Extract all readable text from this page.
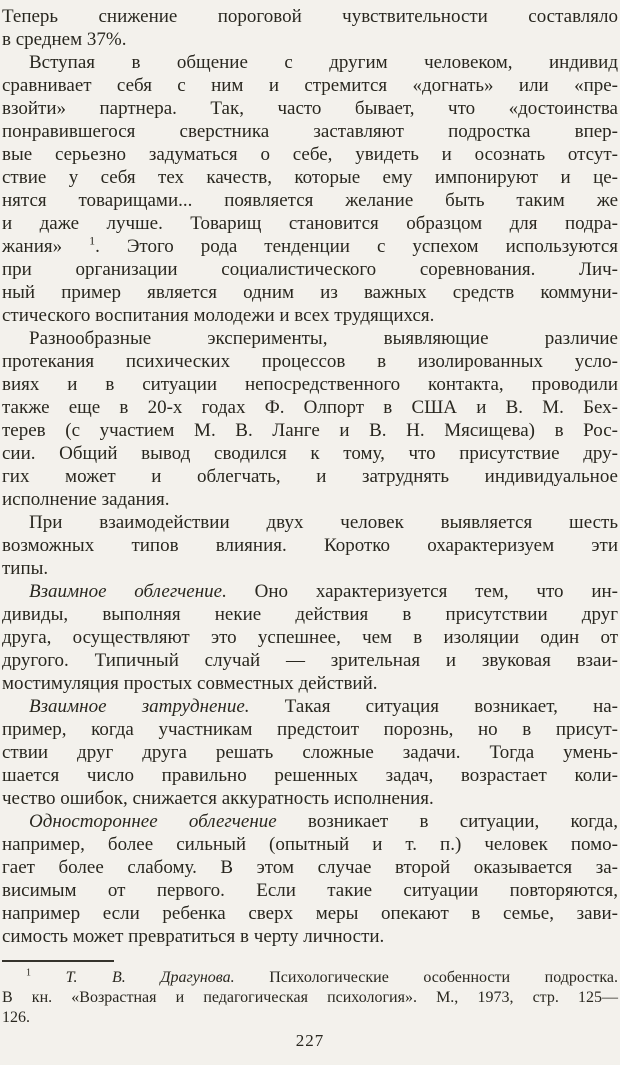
Теперь снижение пороговой чувствительности составляло
в среднем 37%.
Вступая в общение с другим человеком, индивид
сравнивает себя с ним и стремится «догнать» или «пре-
взойти» партнера. Так, часто бывает, что «достоинства
понравившегося сверстника заставляют подростка впер-
вые серьезно задуматься о себе, увидеть и осознать отсут-
ствие у себя тех качеств, которые ему импонируют и це-
нятся товарищами... появляется желание быть таким же
и даже лучше. Товарищ становится образцом для подра-
жания» $^1$. Этого рода тенденции с успехом используются
при организации социалистического соревнования. Лич-
ный пример является одним из важных средств коммуни-
стического воспитания молодежи и всех трудящихся.
Разнообразные эксперименты, выявляющие различие
протекания психических процессов в изолированных усло-
виях и в ситуации непосредственного контакта, проводили
также еще в 20-х годах Ф. Олпорт в США и В. М. Бех-
терев (с участием М. В. Ланге и В. Н. Мясищева) в Рос-
сии. Общий вывод сводился к тому, что присутствие дру-
гих может и облегчать, и затруднять индивидуальное
исполнение задания.
При взаимодействии двух человек выявляется шесть
возможных типов влияния. Коротко охарактеризуем эти
типы.
Взаимное облегчение. Оно характеризуется тем, что ин-
дивиды, выполняя некие действия в присутствии друг
друга, осуществляют это успешнее, чем в изоляции один от
другого. Типичный случай — зрительная и звуковая взаи-
мостимуляция простых совместных действий.
Взаимное затруднение. Такая ситуация возникает, на-
пример, когда участникам предстоит порознь, но в присут-
ствии друг друга решать сложные задачи. Тогда умень-
шается число правильно решенных задач, возрастает коли-
чество ошибок, снижается аккуратность исполнения.
Одностороннее облегчение возникает в ситуации, когда,
например, более сильный (опытный и т. п.) человек помо-
гает более слабому. В этом случае второй оказывается за-
висимым от первого. Если такие ситуации повторяются,
например если ребенка сверх меры опекают в семье, зави-
симость может превратиться в черту личности.
$^1$ Т. В. Драгунова. Психологические особенности подростка.
В кн. «Возрастная и педагогическая психология». М., 1973, стр. 125—
126.
227
